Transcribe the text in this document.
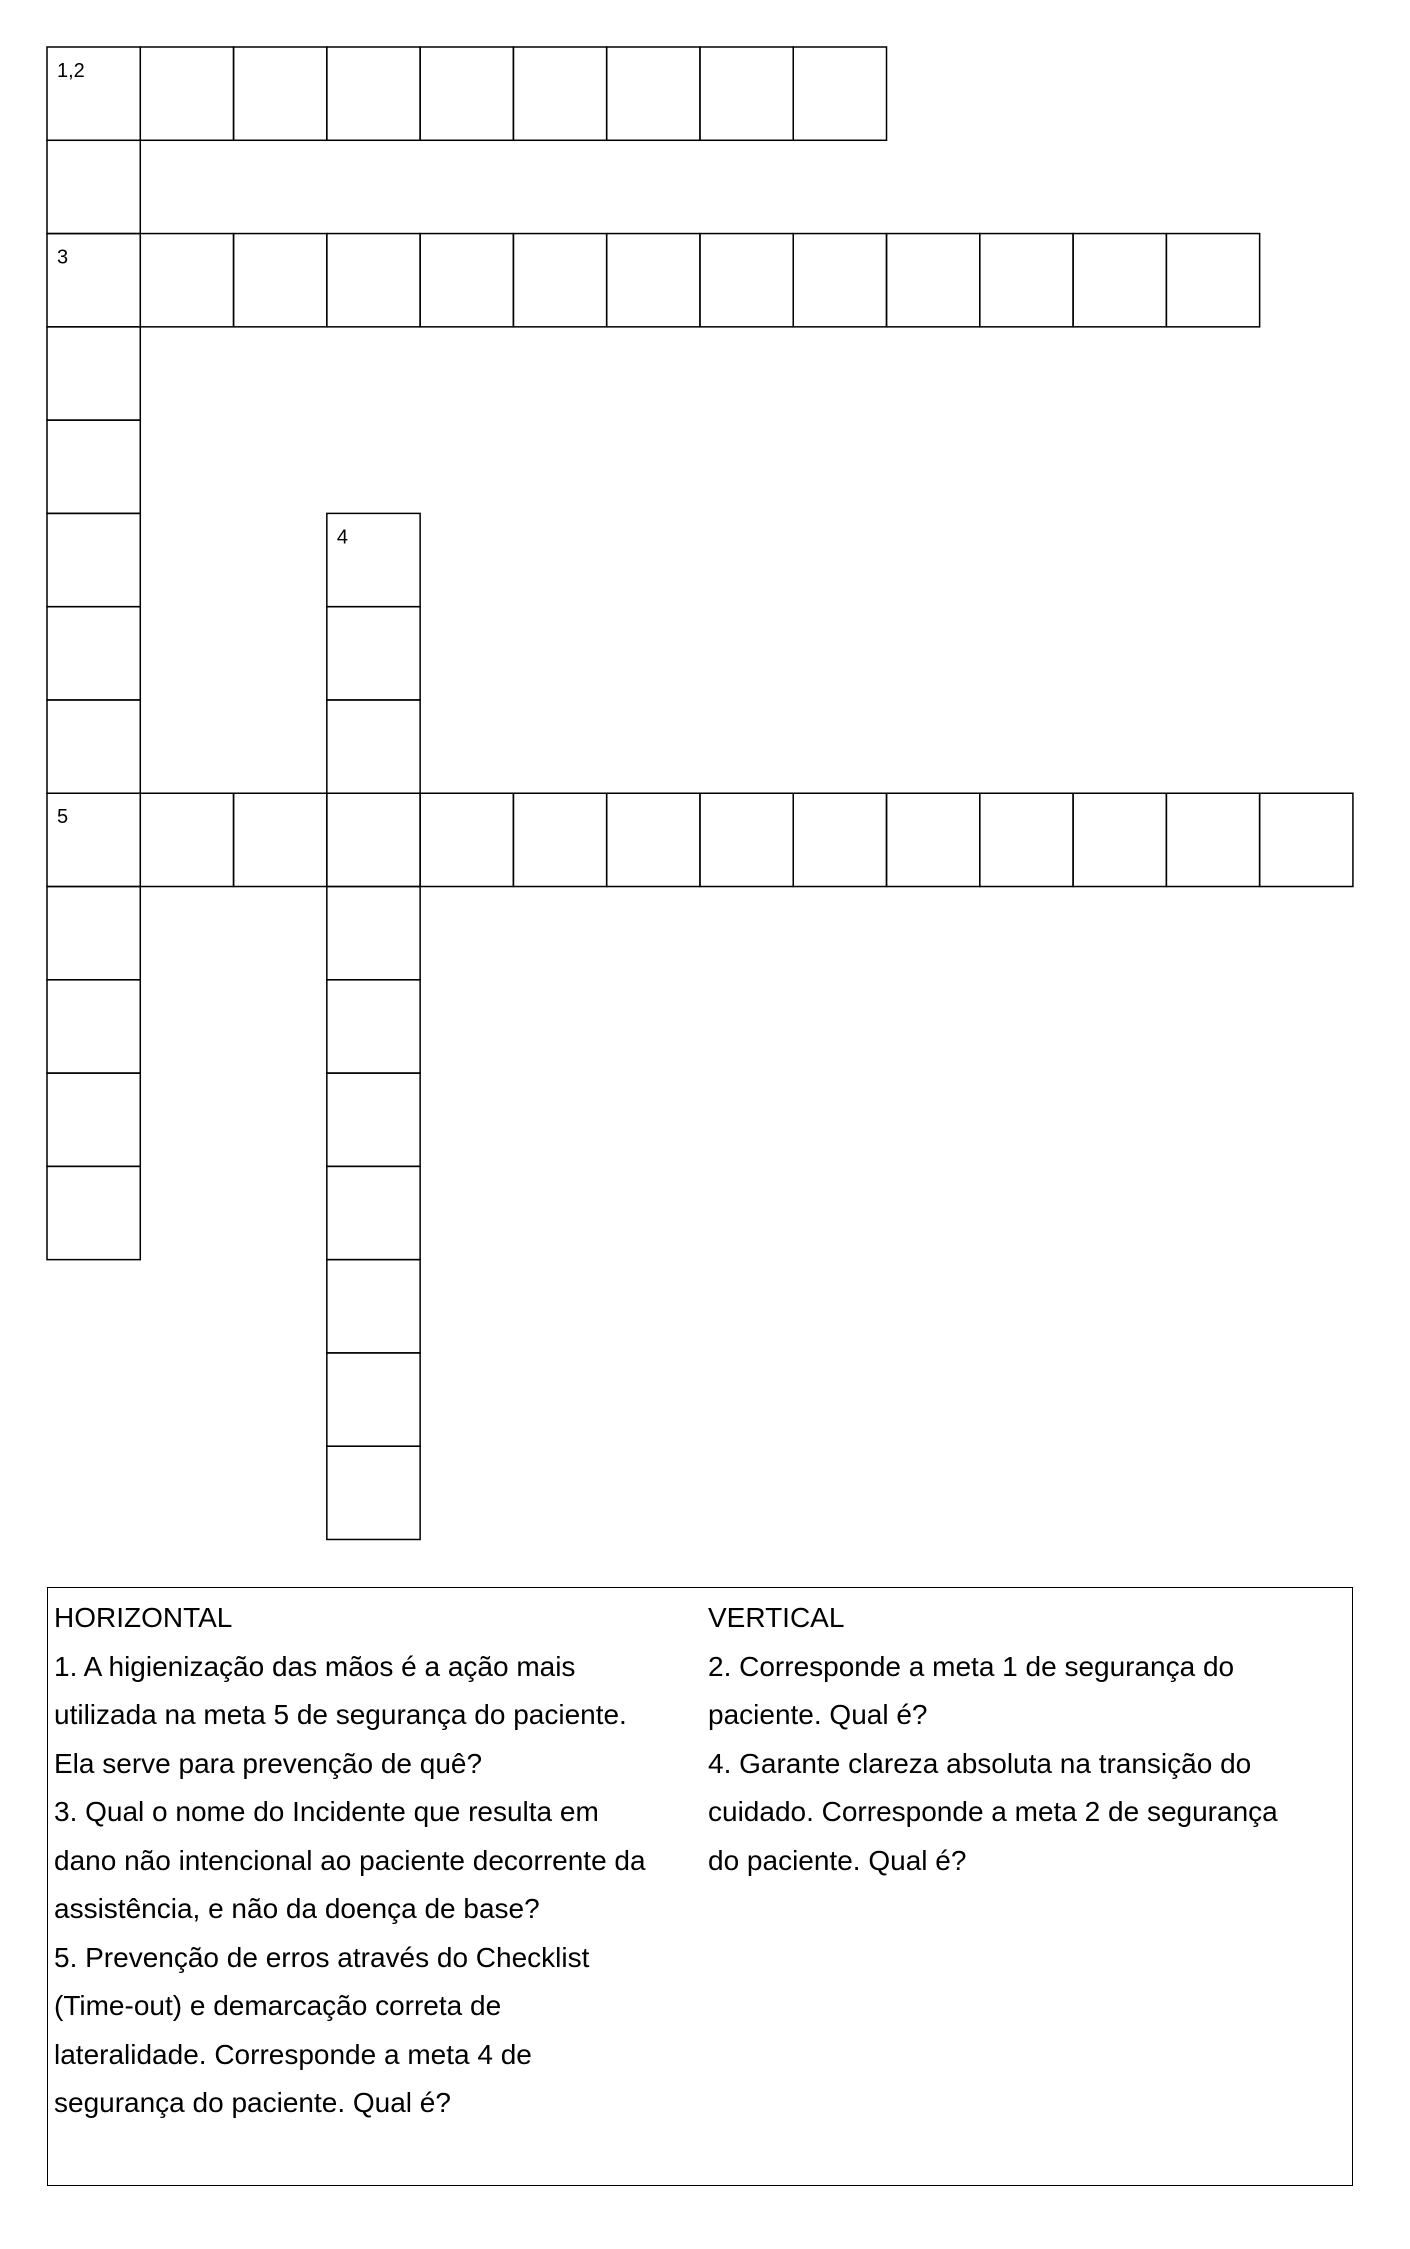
1,2
3
4
5
HORIZONTAL
1. A higienização das mãos é a ação mais
utilizada na meta 5 de segurança do paciente.
Ela serve para prevenção de quê?
3. Qual o nome do Incidente que resulta em
dano não intencional ao paciente decorrente da
assistência, e não da doença de base?
5. Prevenção de erros através do Checklist
(Time-out) e demarcação correta de
lateralidade. Corresponde a meta 4 de
segurança do paciente. Qual é?
VERTICAL
2. Corresponde a meta 1 de segurança do
paciente. Qual é?
4. Garante clareza absoluta na transição do
cuidado. Corresponde a meta 2 de segurança
do paciente. Qual é?
